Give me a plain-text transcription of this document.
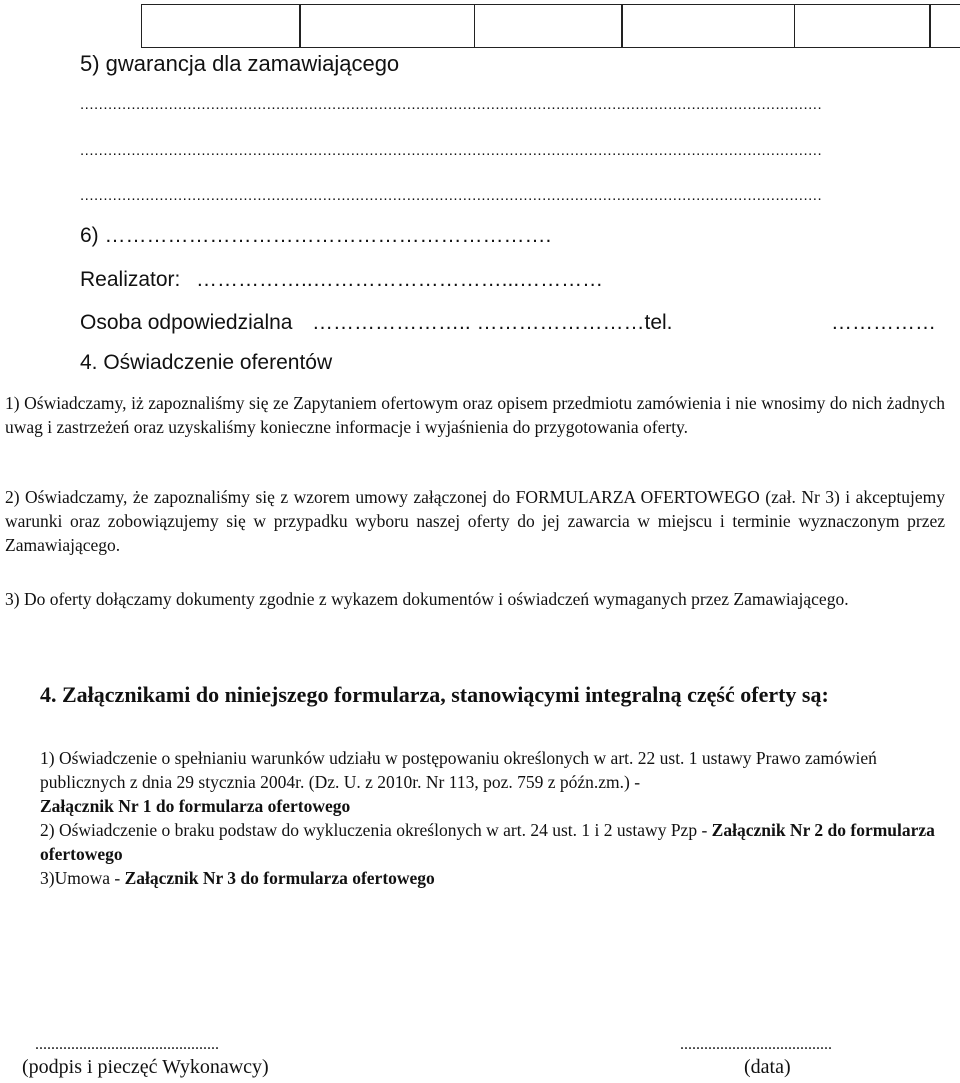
5) gwarancja dla zamawiającego
...............................................................................................................................................................
...............................................................................................................................................................
...............................................................................................................................................................
6) ……………………………………………………….
Realizator: ……………..………………………...…………
Osoba odpowiedzialna ………………….. ……………………tel.	……………
4. Oświadczenie oferentów
1) Oświadczamy, iż zapoznaliśmy się ze Zapytaniem ofertowym oraz opisem przedmiotu zamówienia i nie wnosimy do nich żadnych uwag i zastrzeżeń oraz uzyskaliśmy konieczne informacje i wyjaśnienia do przygotowania oferty.
2) Oświadczamy, że zapoznaliśmy się z wzorem umowy załączonej do FORMULARZA OFERTOWEGO (zał. Nr 3) i akceptujemy warunki oraz zobowiązujemy się w przypadku wyboru naszej oferty do jej zawarcia w miejscu i terminie wyznaczonym przez Zamawiającego.
3) Do oferty dołączamy dokumenty zgodnie z wykazem dokumentów i oświadczeń wymaganych przez Zamawiającego.
4. Załącznikami do niniejszego formularza, stanowiącymi integralną część oferty są:
1) Oświadczenie o spełnianiu warunków udziału w postępowaniu określonych w art. 22 ust. 1 ustawy Prawo zamówień publicznych z dnia 29 stycznia 2004r. (Dz. U. z 2010r. Nr 113, poz. 759 z późn.zm.) -
Załącznik Nr 1 do formularza ofertowego
2) Oświadczenie o braku podstaw do wykluczenia określonych w art. 24 ust. 1 i 2 ustawy Pzp - Załącznik Nr 2 do formularza ofertowego
3)Umowa - Załącznik Nr 3 do formularza ofertowego
..............................................
(podpis i pieczęć Wykonawcy)
......................................
(data)
